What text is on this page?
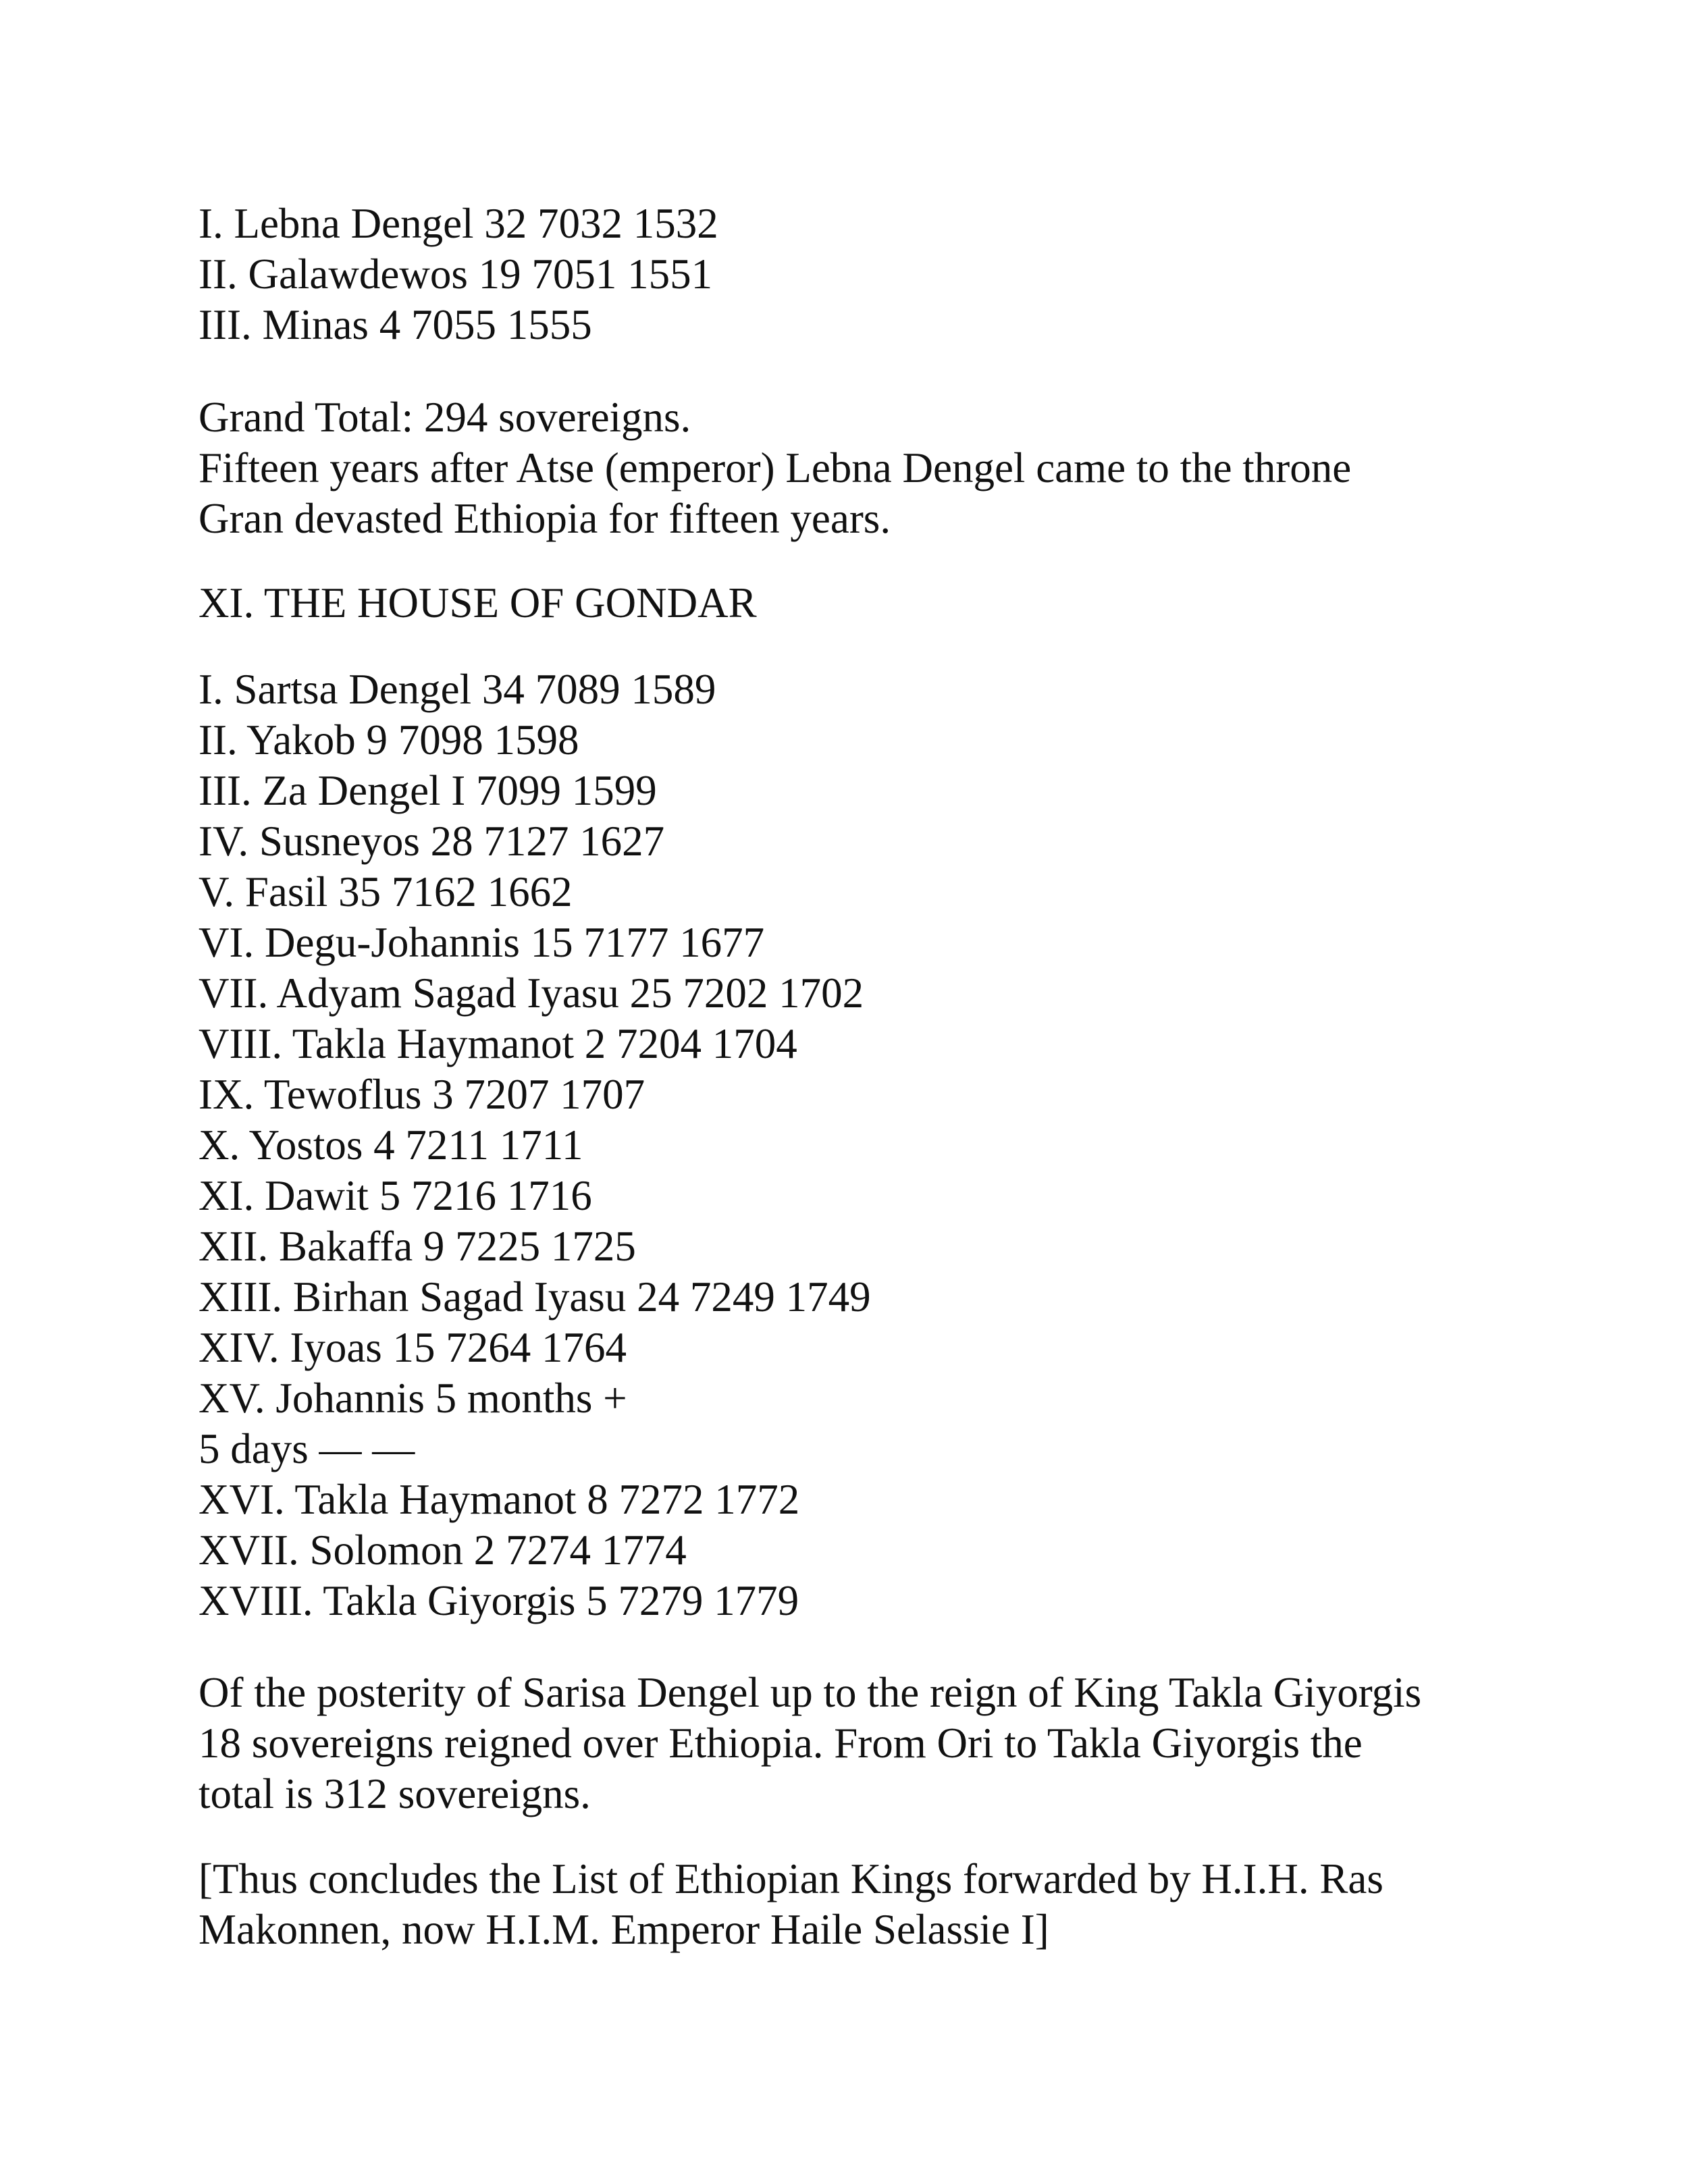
I. Lebna Dengel 32 7032 1532
II. Galawdewos 19 7051 1551
III. Minas 4 7055 1555
Grand Total: 294 sovereigns.
Fifteen years after Atse (emperor) Lebna Dengel came to the throne
Gran devasted Ethiopia for fifteen years.
XI. THE HOUSE OF GONDAR
I. Sartsa Dengel 34 7089 1589
II. Yakob 9 7098 1598
III. Za Dengel I 7099 1599
IV. Susneyos 28 7127 1627
V. Fasil 35 7162 1662
VI. Degu-Johannis 15 7177 1677
VII. Adyam Sagad Iyasu 25 7202 1702
VIII. Takla Haymanot 2 7204 1704
IX. Tewoflus 3 7207 1707
X. Yostos 4 7211 1711
XI. Dawit 5 7216 1716
XII. Bakaffa 9 7225 1725
XIII. Birhan Sagad Iyasu 24 7249 1749
XIV. Iyoas 15 7264 1764
XV. Johannis 5 months +
5 days — —
XVI. Takla Haymanot 8 7272 1772
XVII. Solomon 2 7274 1774
XVIII. Takla Giyorgis 5 7279 1779
Of the posterity of Sarisa Dengel up to the reign of King Takla Giyorgis
18 sovereigns reigned over Ethiopia. From Ori to Takla Giyorgis the
total is 312 sovereigns.
[Thus concludes the List of Ethiopian Kings forwarded by H.I.H. Ras
Makonnen, now H.I.M. Emperor Haile Selassie I]
